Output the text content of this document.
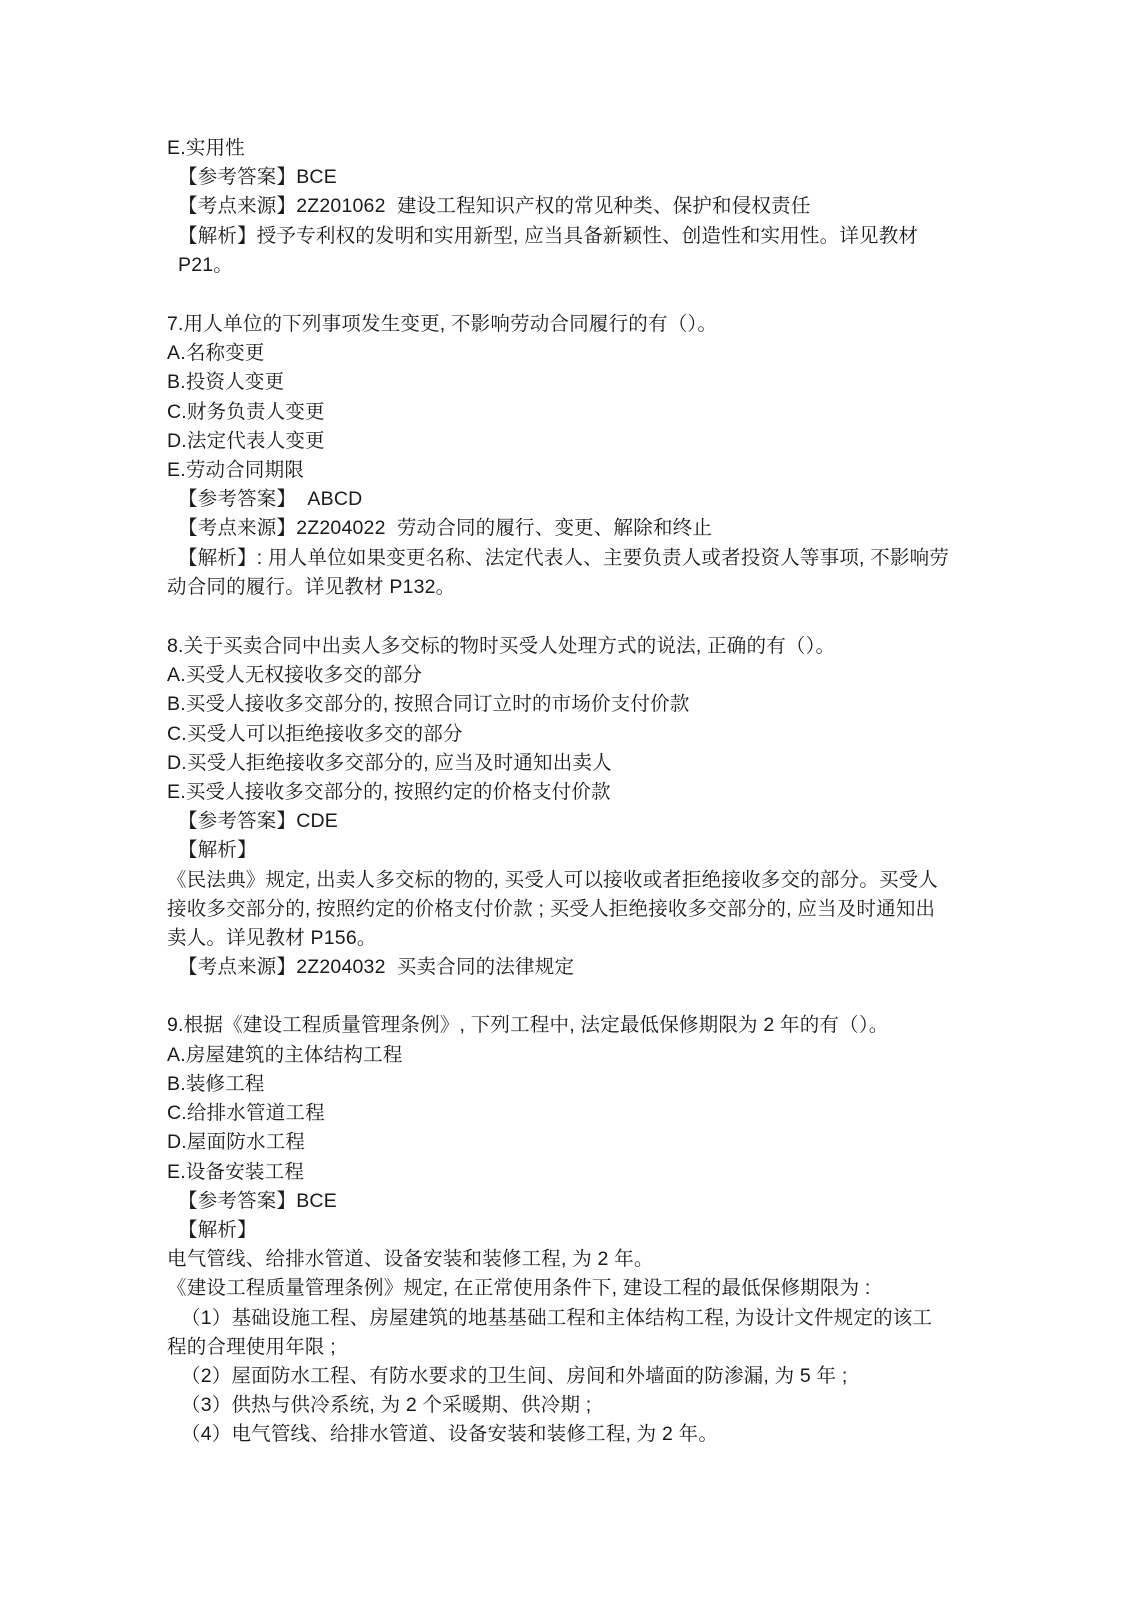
E.实用性
【参考答案】BCE
【考点来源】2Z201062  建设工程知识产权的常见种类、保护和侵权责任
【解析】授予专利权的发明和实用新型, 应当具备新颖性、创造性和实用性。详见教材 P21。
7.用人单位的下列事项发生变更, 不影响劳动合同履行的有（）。
A.名称变更
B.投资人变更
C.财务负责人变更
D.法定代表人变更
E.劳动合同期限
【参考答案】  ABCD
【考点来源】2Z204022  劳动合同的履行、变更、解除和终止
【解析】: 用人单位如果变更名称、法定代表人、主要负责人或者投资人等事项, 不影响劳
动合同的履行。详见教材 P132。
8.关于买卖合同中出卖人多交标的物时买受人处理方式的说法, 正确的有（）。
A.买受人无权接收多交的部分
B.买受人接收多交部分的, 按照合同订立时的市场价支付价款
C.买受人可以拒绝接收多交的部分
D.买受人拒绝接收多交部分的, 应当及时通知出卖人
E.买受人接收多交部分的, 按照约定的价格支付价款
【参考答案】CDE
【解析】
《民法典》规定, 出卖人多交标的物的, 买受人可以接收或者拒绝接收多交的部分。买受人
接收多交部分的, 按照约定的价格支付价款 ; 买受人拒绝接收多交部分的, 应当及时通知出
卖人。详见教材 P156。
【考点来源】2Z204032  买卖合同的法律规定
9.根据《建设工程质量管理条例》, 下列工程中, 法定最低保修期限为 2 年的有（）。
A.房屋建筑的主体结构工程
B.装修工程
C.给排水管道工程
D.屋面防水工程
E.设备安装工程
【参考答案】BCE
【解析】
电气管线、给排水管道、设备安装和装修工程, 为 2 年。
《建设工程质量管理条例》规定, 在正常使用条件下, 建设工程的最低保修期限为 :
（1）基础设施工程、房屋建筑的地基基础工程和主体结构工程, 为设计文件规定的该工
程的合理使用年限 ;
（2）屋面防水工程、有防水要求的卫生间、房间和外墙面的防渗漏, 为 5 年 ;
（3）供热与供冷系统, 为 2 个采暖期、供冷期 ;
（4）电气管线、给排水管道、设备安装和装修工程, 为 2 年。
